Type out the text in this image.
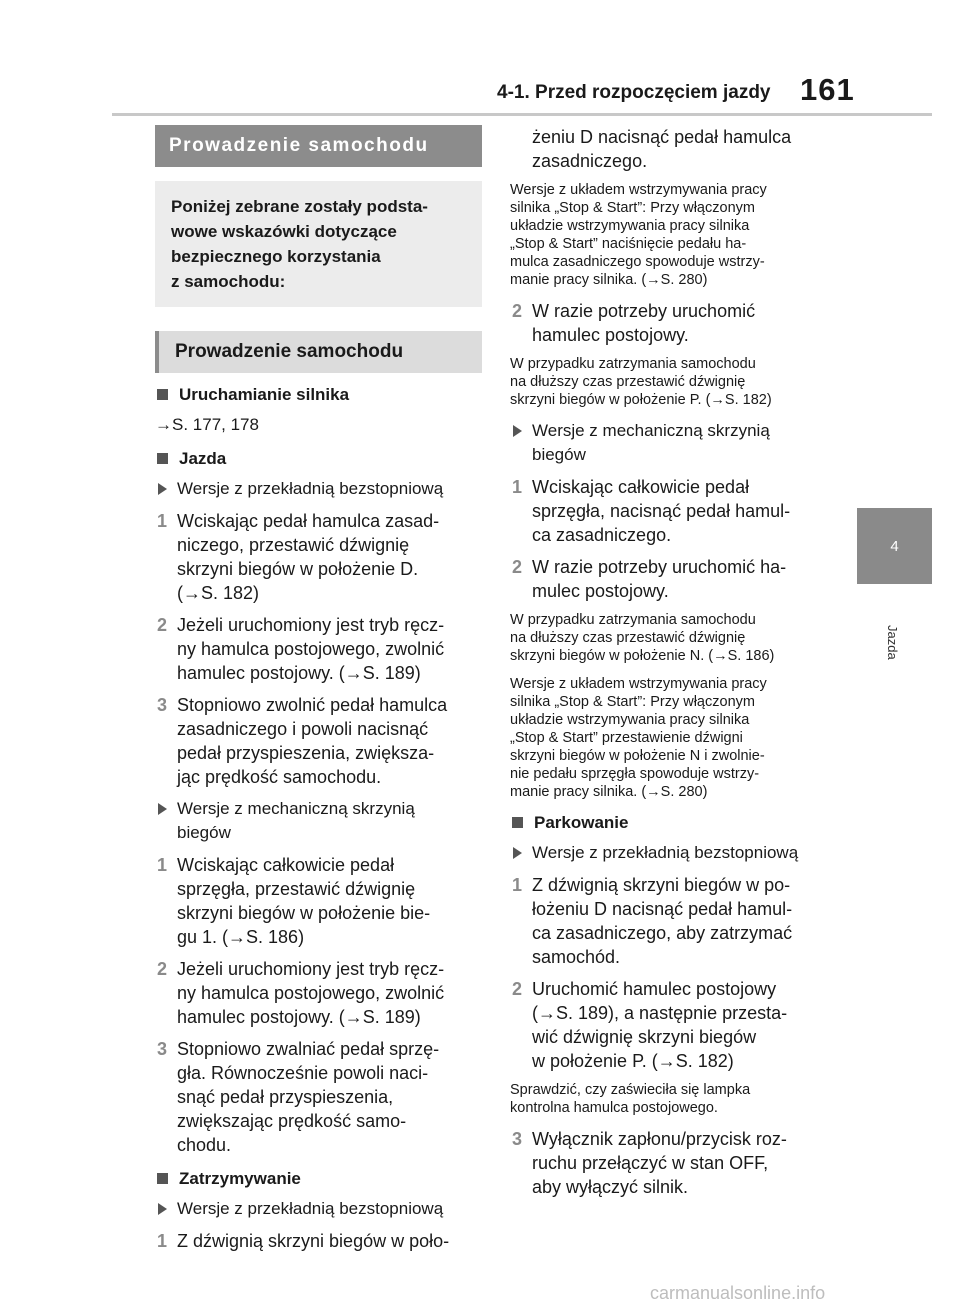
4-1. Przed rozpoczęciem jazdy 161
4
Jazda
Prowadzenie samochodu
Poniżej zebrane zostały podsta-
wowe wskazówki dotyczące
bezpiecznego korzystania
z samochodu:
Prowadzenie samochodu
Uruchamianie silnika
→S. 177, 178
Jazda
Wersje z przekładnią bezstopniową
1 Wciskając pedał hamulca zasad-
niczego, przestawić dźwignię
skrzyni biegów w położenie D.
(→S. 182)
2 Jeżeli uruchomiony jest tryb ręcz-
ny hamulca postojowego, zwolnić
hamulec postojowy. (→S. 189)
3 Stopniowo zwolnić pedał hamulca
zasadniczego i powoli nacisnąć
pedał przyspieszenia, zwiększa-
jąc prędkość samochodu.
Wersje z mechaniczną skrzynią
biegów
1 Wciskając całkowicie pedał
sprzęgła, przestawić dźwignię
skrzyni biegów w położenie bie-
gu 1. (→S. 186)
2 Jeżeli uruchomiony jest tryb ręcz-
ny hamulca postojowego, zwolnić
hamulec postojowy. (→S. 189)
3 Stopniowo zwalniać pedał sprzę-
gła. Równocześnie powoli naci-
snąć pedał przyspieszenia,
zwiększając prędkość samo-
chodu.
Zatrzymywanie
Wersje z przekładnią bezstopniową
1 Z dźwignią skrzyni biegów w poło-
żeniu D nacisnąć pedał hamulca
zasadniczego.
Wersje z układem wstrzymywania pracy
silnika „Stop & Start”: Przy włączonym
układzie wstrzymywania pracy silnika
„Stop & Start” naciśnięcie pedału ha-
mulca zasadniczego spowoduje wstrzy-
manie pracy silnika. (→S. 280)
2 W razie potrzeby uruchomić
hamulec postojowy.
W przypadku zatrzymania samochodu
na dłuższy czas przestawić dźwignię
skrzyni biegów w położenie P. (→S. 182)
Wersje z mechaniczną skrzynią
biegów
1 Wciskając całkowicie pedał
sprzęgła, nacisnąć pedał hamul-
ca zasadniczego.
2 W razie potrzeby uruchomić ha-
mulec postojowy.
W przypadku zatrzymania samochodu
na dłuższy czas przestawić dźwignię
skrzyni biegów w położenie N. (→S. 186)
Wersje z układem wstrzymywania pracy
silnika „Stop & Start”: Przy włączonym
układzie wstrzymywania pracy silnika
„Stop & Start” przestawienie dźwigni
skrzyni biegów w położenie N i zwolnie-
nie pedału sprzęgła spowoduje wstrzy-
manie pracy silnika. (→S. 280)
Parkowanie
Wersje z przekładnią bezstopniową
1 Z dźwignią skrzyni biegów w po-
łożeniu D nacisnąć pedał hamul-
ca zasadniczego, aby zatrzymać
samochód.
2 Uruchomić hamulec postojowy
(→S. 189), a następnie przesta-
wić dźwignię skrzyni biegów
w położenie P. (→S. 182)
Sprawdzić, czy zaświeciła się lampka
kontrolna hamulca postojowego.
3 Wyłącznik zapłonu/przycisk roz-
ruchu przełączyć w stan OFF,
aby wyłączyć silnik.
carmanualsonline.info
